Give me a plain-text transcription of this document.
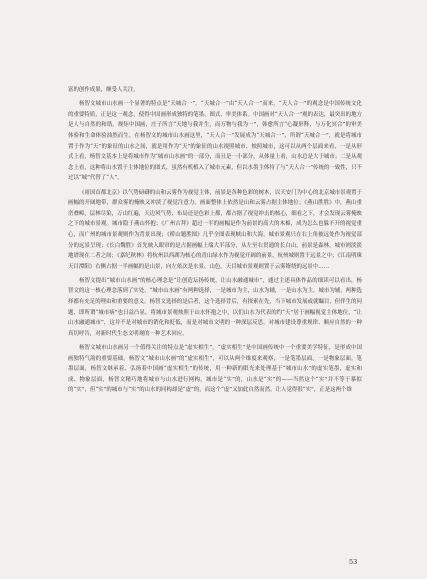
富的创作成果，颇受人关注。

杨智文城市山水画一个显著的特点是“天城合一”。“天城合一”由“天人合一”而来。“天人合一”的观念是中国传统文化的重要特质，正是这一观念，使得中国画形成独特的笔墨、图式、审美体系。中国画对“天人合一”观的表达，最突出的地方是人与自然的和谐，规矩中国画，庄子所言“天地与我并生，而万物与我为一”，韩愈所言“心凝形释，与万化冥合”的审美体验和生命体验油然而生。在杨智文的城市山水画这里，“天人合一”发展成为“天城合一”，所谓“天城合一”，就是将城市置于作为“天”的象征的山水之间，就是用作为“天”的象征的山水视照城市、烛照城市，这可以从两个层面来看，一是从形式上看，杨智文基本上是将城市作为“城市山水画”的一部分，而且是一小部分，从体量上看，山水总是大于城市；二是从观念上看，这种将山水置于主体地位的图式，虽然有机植入了城市元素，但以水墨主体持了与“天人合一”传统的一致性，只不过以“城”代替了“人”。

《祖国首都北京》以气势磅礴的山和云雾作为视觉主体，前景是各种色彩的树木，以天安门为中心的北京城市景观置于画幅的开阔地带，群众雾的掩映又冲淡了视觉注意力。画面整体上依然是山和云雾占据主体地位；《燕山胜胜》中，燕山重峦叠嶂，层林尽染，万山红遍，天边风气势，布局还是色彩上都，都占据了视觉冲击的核心，细看之下，才会发现云雾掩映之下的城市景观。城市隐于燕山怀抱；《广州古拜》超过一半的画幅是作为前景的高大的木棉，成为怎么也躲不开的视觉重心，而广州的城市景观则作为背景出现；《桥山题胜图》几乎全图表现峡山和大海，城市景观只在右上角被远处作为视觉部分的远景呈现；《长白魏胜》首先映入眼帘的是占据画幅上端大半部分，从左至右贯通的长白山，前景是森林，城市则淡淡地谱现在二者之间；《嘉纪秋林》将杭州以西湖为核心的青山绿水作为视觉开阔的前景，杭州城则置于远景之中；《江南明珠天目潭阳》右侧占据一半画幅的是山景，向左依次是水景、山色。天目城市景观则置于云雾缭绕的远景中……

杨智文提出“城市山水画”的核心理念是“让创造坛扬传统，让山水融通城市”，通过主述具体作品的细读可以看出，杨智文的这一核心理念落到了实处。“城市山水画”有两种选择，一是城市为主，山水为辅，一是山水为主，城市为辅，两种选择都有充足的理由和重要的意义。杨智文选择的是后者，这个选择背后，有探索在先，当下城市发展或就瞩目，但伴生的问题，即所谓“城市病”也日益凸显，将城市景观烛照于山水怀抱之中，以们山水为代表的约“天”居于画幅视觉主体地位，“让山水融通城市”，这并不是对城市的销化和贬低，而是对城市文明的一种深层反思，对城市建设尊重规律、顺应自然的一种真切呼告，对新时代生态文明观的一种艺术回应。

杨智文城市山水画另一个值得关注的特点是“虚实相生”。“虚实相生”是中国画传统中一个重要美学特征，是形成中国画独特气韵的重要基础。杨智文“城市山水画”的“虚实相生”，可以从两个维度来观察，一是笔墨层面，一是物象层面。笔墨层面，杨智文继承着、弘扬着中国画“虚实相生”的传统，用一种新的眼光来处理基于“城市山水”的虚实笔墨，虚实和成、物象层面，杨智文精巧地将城市与山水进行网构，城市是“实”的，山水是“实”的——当然这个“实”并不等于摹拟的“实”，但“实”的城市与“实”的山水的同构却是“虚”的，而这个“虚”又加此自然而然，让人觉得很“实”，正是这两个维

53
